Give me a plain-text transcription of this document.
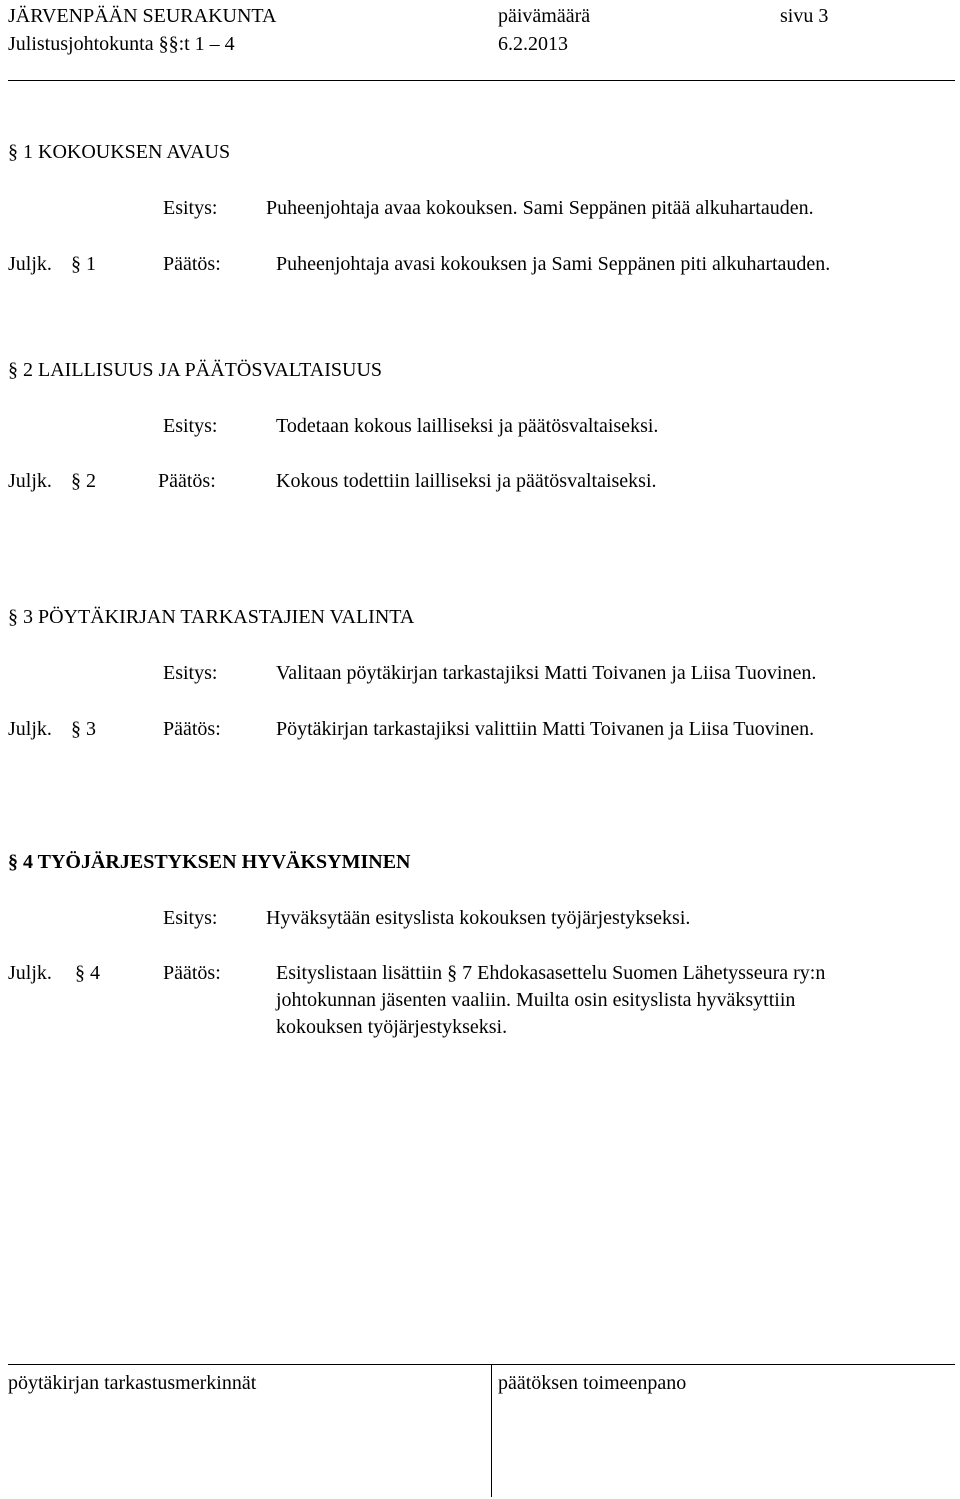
JÄRVENPÄÄN SEURAKUNTA	päivämäärä	sivu 3
Julistusjohtokunta §§:t 1 – 4	6.2.2013
§ 1 KOKOUKSEN AVAUS
Esitys: Puheenjohtaja avaa kokouksen. Sami Seppänen pitää alkuhartauden.
Juljk. § 1	Päätös:	Puheenjohtaja avasi kokouksen ja Sami Seppänen piti alkuhartauden.
§ 2 LAILLISUUS JA PÄÄTÖSVALTAISUUS
Esitys:	Todetaan kokous lailliseksi ja päätösvaltaiseksi.
Juljk. § 2	Päätös:	Kokous todettiin lailliseksi ja päätösvaltaiseksi.
§ 3 PÖYTÄKIRJAN TARKASTAJIEN VALINTA
Esitys:	Valitaan pöytäkirjan tarkastajiksi Matti Toivanen ja Liisa Tuovinen.
Juljk. § 3	Päätös:	Pöytäkirjan tarkastajiksi valittiin Matti Toivanen ja Liisa Tuovinen.
§ 4 TYÖJÄRJESTYKSEN HYVÄKSYMINEN
Esitys: Hyväksytään esityslista kokouksen työjärjestykseksi.
Juljk. § 4	Päätös:	Esityslistaan lisättiin § 7 Ehdokasasettelu Suomen Lähetysseura ry:n
johtokunnan jäsenten vaaliin. Muilta osin esityslista hyväksyttiin
kokouksen työjärjestykseksi.
pöytäkirjan tarkastusmerkinnät	päätöksen toimeenpano
